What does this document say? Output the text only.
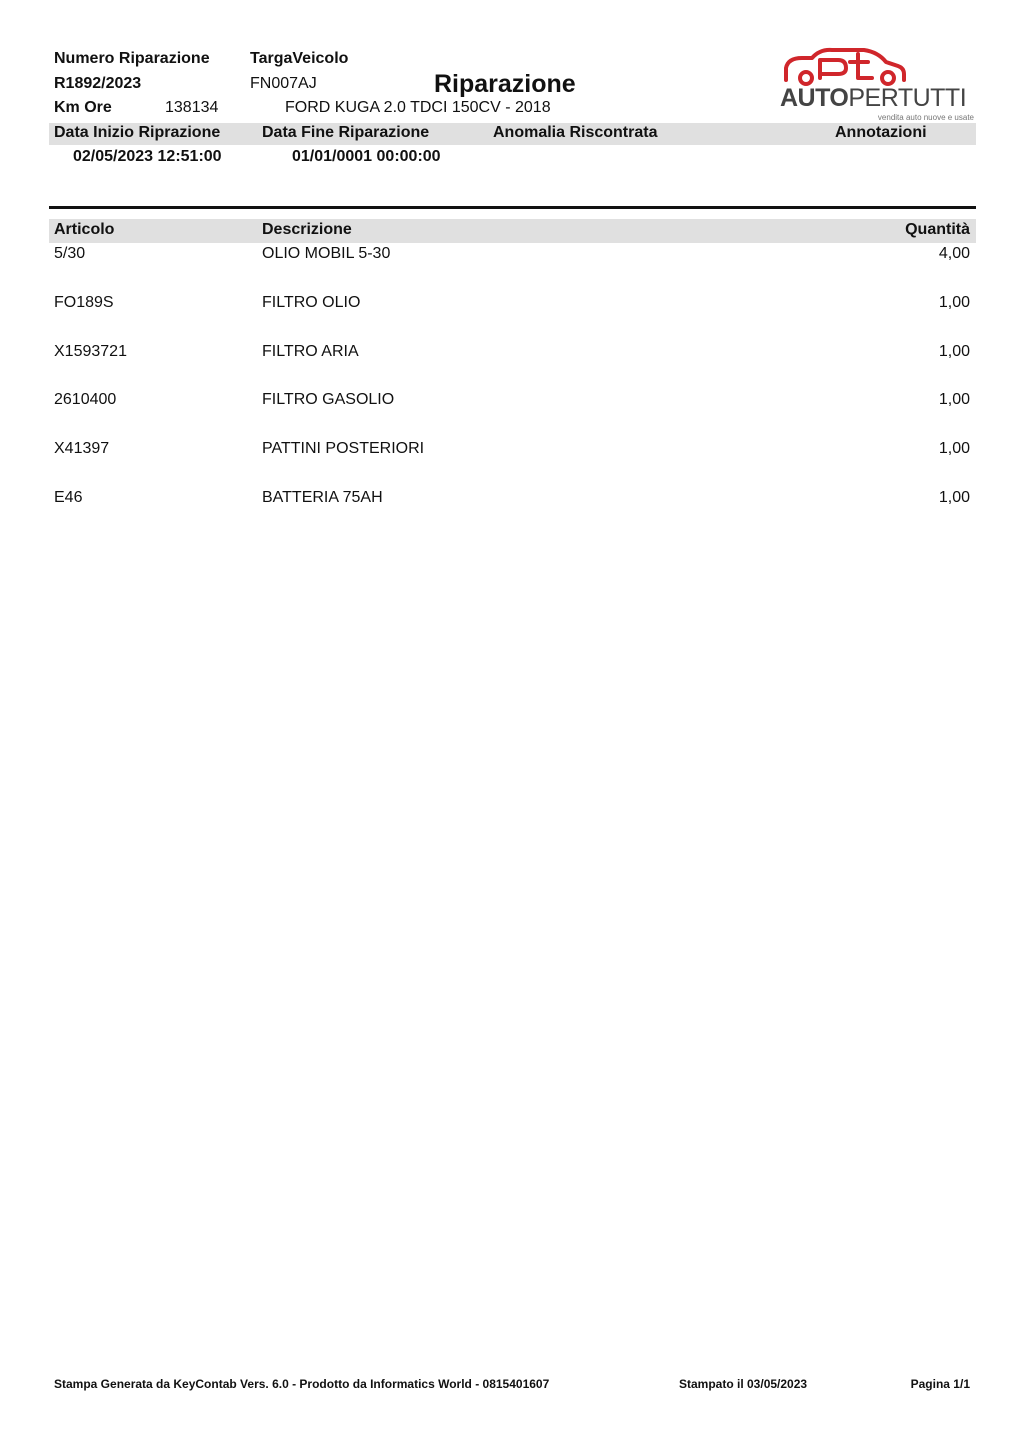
Numero Riparazione
R1892/2023
Km Ore	138134
TargaVeicolo
FN007AJ
FORD KUGA 2.0 TDCI 150CV - 2018
Riparazione	AUTOPERTUTTI
vendita auto nuove e usate
Data Inizio Riprazione	Data Fine Riparazione	Anomalia Riscontrata	Annotazioni
02/05/2023 12:51:00	01/01/0001 00:00:00
Articolo	Descrizione	Quantità
5/30	OLIO MOBIL 5-30	4,00
FO189S	FILTRO OLIO	1,00
X1593721	FILTRO ARIA	1,00
2610400	FILTRO GASOLIO	1,00
X41397	PATTINI POSTERIORI	1,00
E46	BATTERIA 75AH	1,00
Stampa Generata da KeyContab Vers. 6.0 - Prodotto da Informatics World - 0815401607	Stampato il 03/05/2023	Pagina 1/1
